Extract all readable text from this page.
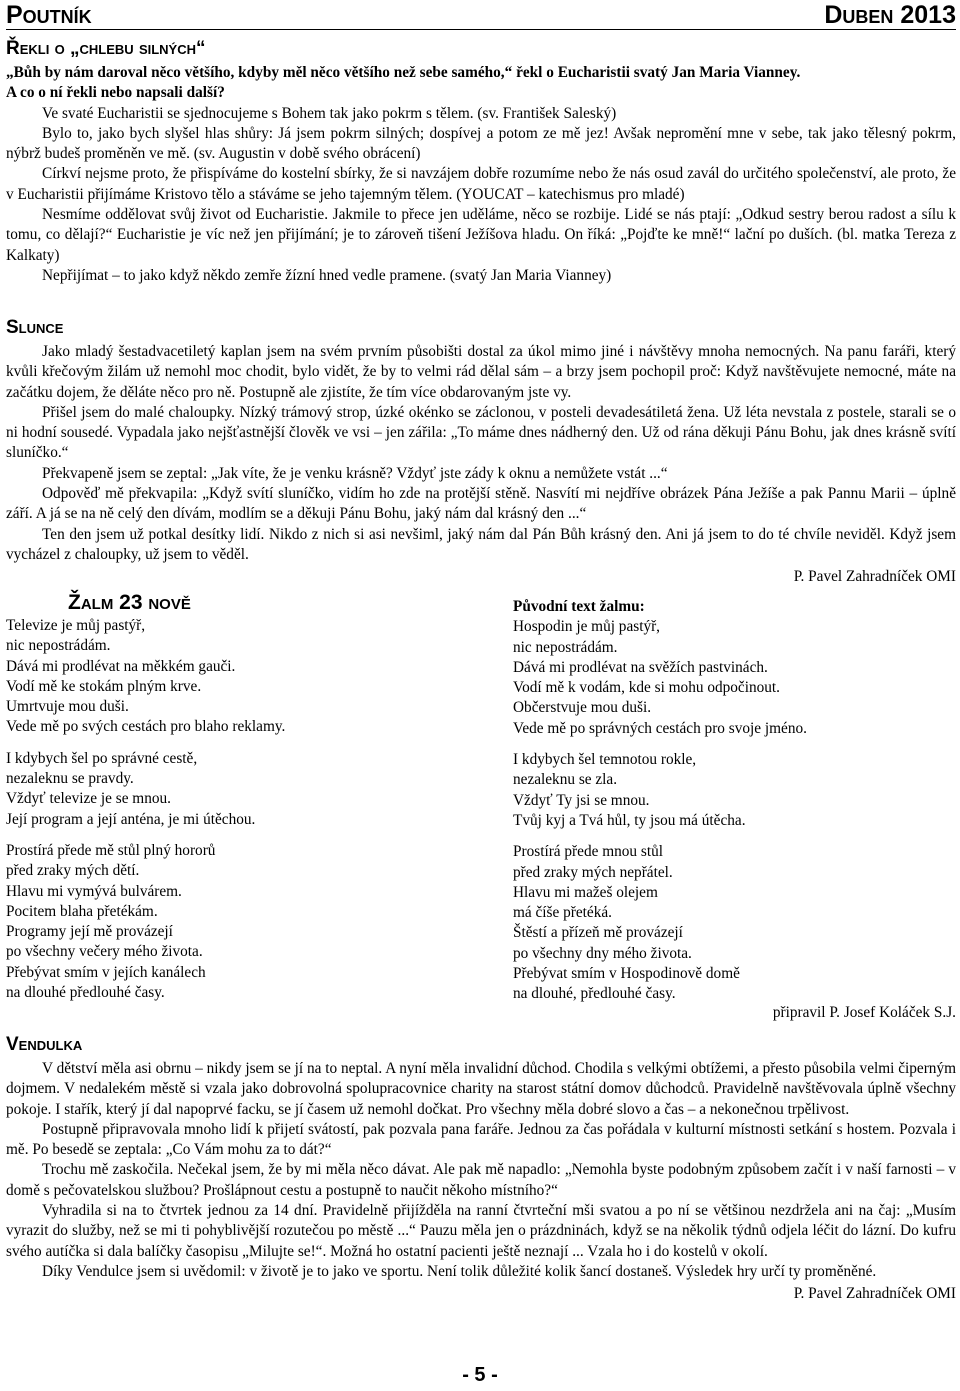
Poutník	Duben 2013

Řekli o „chlebu silných“

„Bůh by nám daroval něco většího, kdyby měl něco většího než sebe samého,“ řekl o Eucharistii svatý Jan Maria Vianney.

A co o ní řekli nebo napsali další?

Ve svaté Eucharistii se sjednocujeme s Bohem tak jako pokrm s tělem. (sv. František Saleský)

Bylo to, jako bych slyšel hlas shůry: Já jsem pokrm silných; dospívej a potom ze mě jez! Avšak nepromění mne v sebe, tak jako tělesný pokrm, nýbrž budeš proměněn ve mě. (sv. Augustin v době svého obrácení)

Církví nejsme proto, že přispíváme do kostelní sbírky, že si navzájem dobře rozumíme nebo že nás osud zavál do určitého společenství, ale proto, že v Eucharistii přijímáme Kristovo tělo a stáváme se jeho tajemným tělem. (YOUCAT – katechismus pro mladé)

Nesmíme oddělovat svůj život od Eucharistie. Jakmile to přece jen uděláme, něco se rozbije. Lidé se nás ptají: „Odkud sestry berou radost a sílu k tomu, co dělají?“ Eucharistie je víc než jen přijímání; je to zároveň tišení Ježíšova hladu. On říká: „Pojďte ke mně!“ lační po duších. (bl. matka Tereza z Kalkaty)

Nepřijímat – to jako když někdo zemře žízní hned vedle pramene. (svatý Jan Maria Vianney)

Slunce

Jako mladý šestadvacetiletý kaplan jsem na svém prvním působišti dostal za úkol mimo jiné i návštěvy mnoha nemocných. Na panu faráři, který kvůli křečovým žilám už nemohl moc chodit, bylo vidět, že by to velmi rád dělal sám – a brzy jsem pochopil proč: Když navštěvujete nemocné, máte na začátku dojem, že děláte něco pro ně. Postupně ale zjistíte, že tím více obdarovaným jste vy.

Přišel jsem do malé chaloupky. Nízký trámový strop, úzké okénko se záclonou, v posteli devadesátiletá žena. Už léta nevstala z postele, starali se o ni hodní sousedé. Vypadala jako nejšťastnější člověk ve vsi – jen zářila: „To máme dnes nádherný den. Už od rána děkuji Pánu Bohu, jak dnes krásně svítí sluníčko.“

Překvapeně jsem se zeptal: „Jak víte, že je venku krásně? Vždyť jste zády k oknu a nemůžete vstát ...“

Odpověď mě překvapila: „Když svítí sluníčko, vidím ho zde na protější stěně. Nasvítí mi nejdříve obrázek Pána Ježíše a pak Pannu Marii – úplně září. A já se na ně celý den dívám, modlím se a děkuji Pánu Bohu, jaký nám dal krásný den ...“

Ten den jsem už potkal desítky lidí. Nikdo z nich si asi nevšiml, jaký nám dal Pán Bůh krásný den. Ani já jsem to do té chvíle neviděl. Když jsem vycházel z chaloupky, už jsem to věděl.

P. Pavel Zahradníček OMI

Žalm 23 nově

Televize je můj pastýř,
nic nepostrádám.
Dává mi prodlévat na měkkém gauči.
Vodí mě ke stokám plným krve.
Umrtvuje mou duši.
Vede mě po svých cestách pro blaho reklamy.
I kdybych šel po správné cestě,
nezaleknu se pravdy.
Vždyť televize je se mnou.
Její program a její anténa, je mi útěchou.
Prostírá přede mě stůl plný hororů
před zraky mých dětí.
Hlavu mi vymývá bulvárem.
Pocitem blaha přetékám.
Programy její mě provázejí
po všechny večery mého života.
Přebývat smím v jejích kanálech
na dlouhé předlouhé časy.
Původní text žalmu:
Hospodin je můj pastýř,
nic nepostrádám.
Dává mi prodlévat na svěžích pastvinách.
Vodí mě k vodám, kde si mohu odpočinout.
Občerstvuje mou duši.
Vede mě po správných cestách pro svoje jméno.
I kdybych šel temnotou rokle,
nezaleknu se zla.
Vždyť Ty jsi se mnou.
Tvůj kyj a Tvá hůl, ty jsou má útěcha.
Prostírá přede mnou stůl
před zraky mých nepřátel.
Hlavu mi mažeš olejem
má číše přetéká.
Štěstí a přízeň mě provázejí
po všechny dny mého života.
Přebývat smím v Hospodinově domě
na dlouhé, předlouhé časy.

připravil P. Josef Koláček S.J.

Vendulka

V dětství měla asi obrnu – nikdy jsem se jí na to neptal. A nyní měla invalidní důchod. Chodila s velkými obtížemi, a přesto působila velmi čiperným dojmem. V nedalekém městě si vzala jako dobrovolná spolupracovnice charity na starost státní domov důchodců. Pravidelně navštěvovala úplně všechny pokoje. I stařík, který jí dal napoprvé facku, se jí časem už nemohl dočkat. Pro všechny měla dobré slovo a čas – a nekonečnou trpělivost.

Postupně připravovala mnoho lidí k přijetí svátostí, pak pozvala pana faráře. Jednou za čas pořádala v kulturní místnosti setkání s hostem. Pozvala i mě. Po besedě se zeptala: „Co Vám mohu za to dát?“

Trochu mě zaskočila. Nečekal jsem, že by mi měla něco dávat. Ale pak mě napadlo: „Nemohla byste podobným způsobem začít i v naší farnosti – v domě s pečovatelskou službou? Prošlápnout cestu a postupně to naučit někoho místního?“

Vyhradila si na to čtvrtek jednou za 14 dní. Pravidelně přijížděla na ranní čtvrteční mši svatou a po ní se většinou nezdržela ani na čaj: „Musím vyrazit do služby, než se mi ti pohyblivější rozutečou po městě ...“ Pauzu měla jen o prázdninách, když se na několik týdnů odjela léčit do lázní. Do kufru svého autíčka si dala balíčky časopisu „Milujte se!“. Možná ho ostatní pacienti ještě neznají ... Vzala ho i do kostelů v okolí.

Díky Vendulce jsem si uvědomil: v životě je to jako ve sportu. Není tolik důležité kolik šancí dostaneš. Výsledek hry určí ty proměněné.

P. Pavel Zahradníček OMI

- 5 -
